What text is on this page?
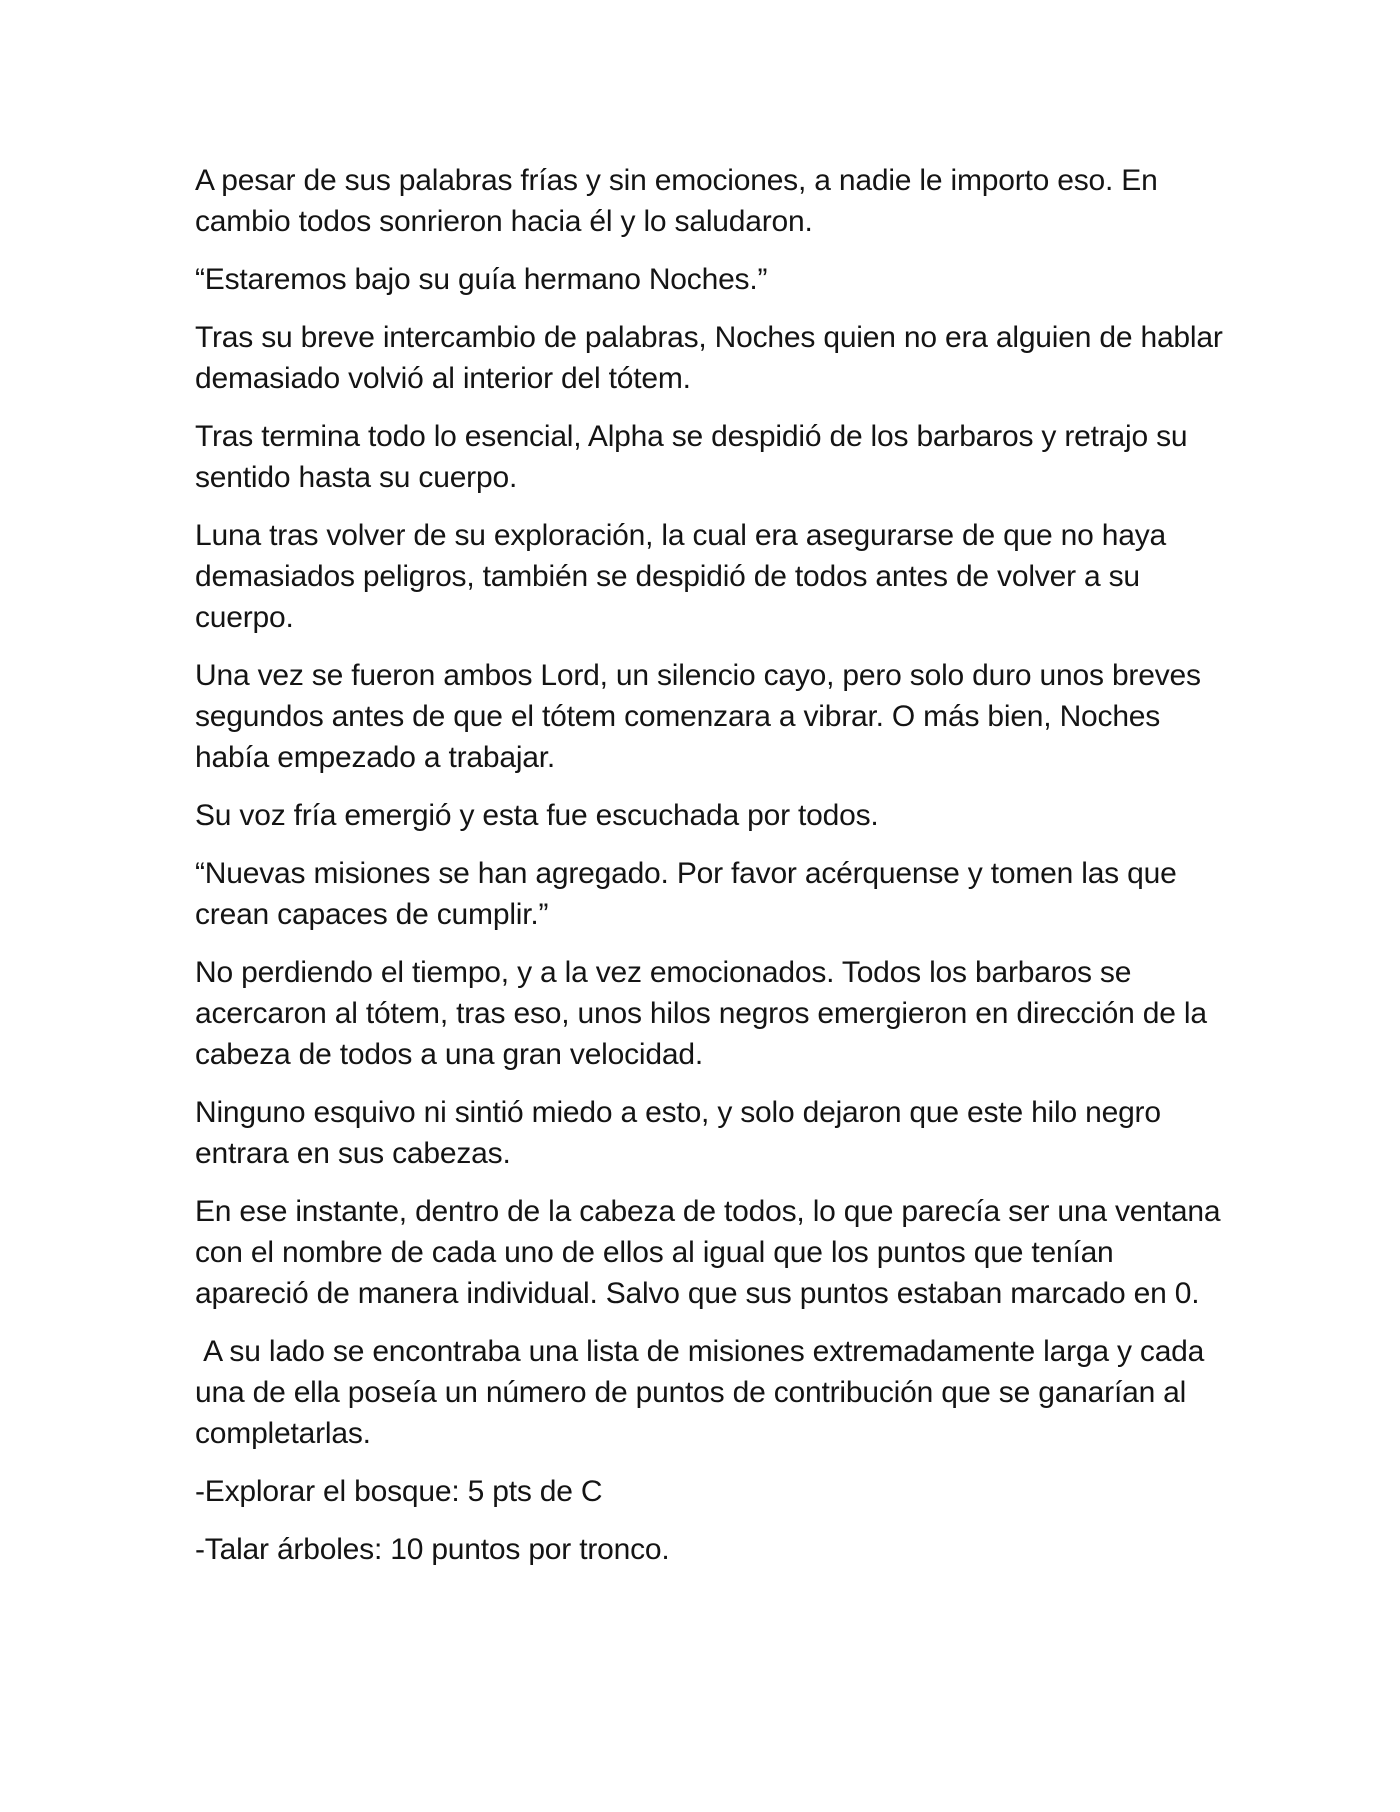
A pesar de sus palabras frías y sin emociones, a nadie le importo eso. En cambio todos sonrieron hacia él y lo saludaron.

“Estaremos bajo su guía hermano Noches.”

Tras su breve intercambio de palabras, Noches quien no era alguien de hablar demasiado volvió al interior del tótem.

Tras termina todo lo esencial, Alpha se despidió de los barbaros y retrajo su sentido hasta su cuerpo.

Luna tras volver de su exploración, la cual era asegurarse de que no haya demasiados peligros, también se despidió de todos antes de volver a su cuerpo.

Una vez se fueron ambos Lord, un silencio cayo, pero solo duro unos breves segundos antes de que el tótem comenzara a vibrar. O más bien, Noches había empezado a trabajar.

Su voz fría emergió y esta fue escuchada por todos.

“Nuevas misiones se han agregado. Por favor acérquense y tomen las que crean capaces de cumplir.”

No perdiendo el tiempo, y a la vez emocionados. Todos los barbaros se acercaron al tótem, tras eso, unos hilos negros emergieron en dirección de la cabeza de todos a una gran velocidad.

Ninguno esquivo ni sintió miedo a esto, y solo dejaron que este hilo negro entrara en sus cabezas.

En ese instante, dentro de la cabeza de todos, lo que parecía ser una ventana con el nombre de cada uno de ellos al igual que los puntos que tenían apareció de manera individual. Salvo que sus puntos estaban marcado en 0.

A su lado se encontraba una lista de misiones extremadamente larga y cada una de ella poseía un número de puntos de contribución que se ganarían al completarlas.

-Explorar el bosque: 5 pts de C

-Talar árboles: 10 puntos por tronco.
